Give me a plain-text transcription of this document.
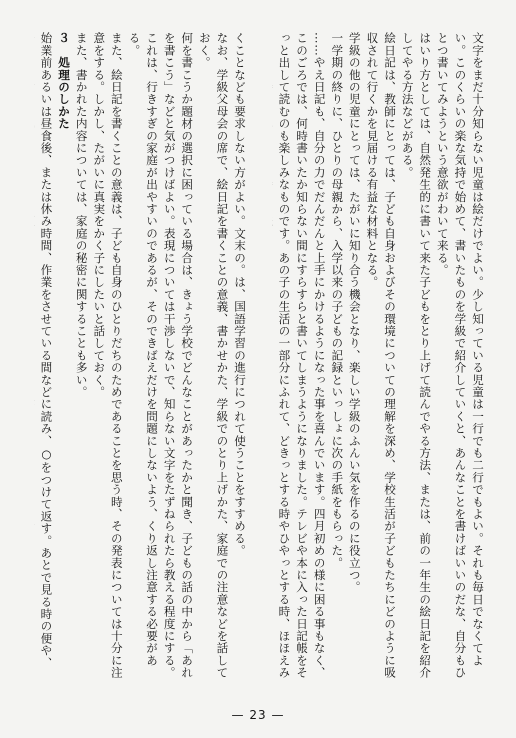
文字をまだ十分知らない児童は絵だけでよい。少し知っている児童は一行でも二行でもよい。それも毎日でなくてよい。このくらいの楽な気持で始めて、書いたものを学級で紹介していくと、あんなことを書けばいいのだな、自分もひとつ書いてみようという意欲がわいて来る。

はいり方としては、自然発生的に書いて来た子どもをとり上げて読んでやる方法、または、前の一年生の絵日記を紹介してやる方法などがある。

絵日記は、教師にとっては、子ども自身およびその環境についての理解を深め、学校生活が子どもたちにどのように吸収されて行くかを見届ける有益な材料となる。

学級の他の児童にとっては、たがいに知り合う機会となり、楽しい学級のふんい気を作るのに役立つ。

一学期の終りに、ひとりの母親から、入学以来の子どもの記録といっしょに次の手紙をもらった。

……やえ日記も、自分の力でだんだんと上手にかけるようになった事を喜んでいます。四月初めの様に困る事もなく、このごろでは、何時書いたか知らない間にすらすらと書いてしまうようになりました。テレビや本に入った日記帳をそっと出して読むのも楽しみなものです。あの子の生活の一部分にふれて、どきっとする時やひやっとする時、ほほえみ

くことなども要求しない方がよい。文末の。は、国語学習の進行につれて使うことをすすめる。

なお、学級父母会の席で、絵日記を書くことの意義、書かせかた、学級でのとり上げかた、家庭での注意などを話しておく。

何を書こうか題材の選択に困っている場合は、きょう学校でどんなことがあったかと聞き、子どもの話の中から「あれを書こう」などと気がつけばよい。表現については干渉しないで、知らない文字をたずねられたら教える程度にする。これは、行きすぎの家庭が出やすいのであるが、そのできばえだけを問題にしないよう、くり返し注意する必要がある。

また、絵日記を書くことの意義は、子ども自身のひとりだちのためであることを思う時、その発表については十分に注意をする。しかし、たがいに真実をかく子にしたいと話しておく。

また、書かれた内容については、家庭の秘密に関することも多い。

３　処理のしかた

始業前あるいは昼食後、または休み時間、作業をさせている間などに読み、○をつけて返す。あとで見る時の便や、

— 23 —
